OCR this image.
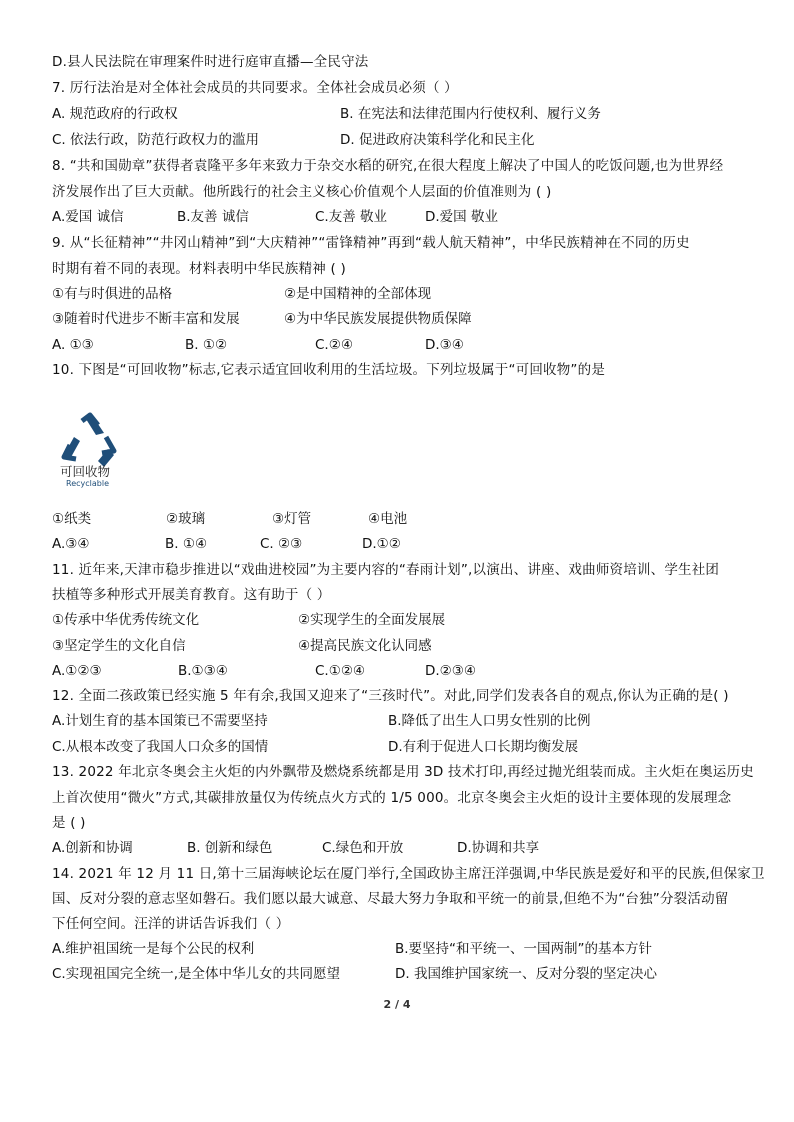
D.县人民法院在审理案件时进行庭审直播—全民守法
7. 厉行法治是对全体社会成员的共同要求。全体社会成员必须（ ）
A. 规范政府的行政权	B. 在宪法和法律范围内行使权利、履行义务
C. 依法行政，防范行政权力的滥用	D. 促进政府决策科学化和民主化
8. “共和国勋章”获得者袁隆平多年来致力于杂交水稻的研究,在很大程度上解决了中国人的吃饭问题,也为世界经
济发展作出了巨大贡献。他所践行的社会主义核心价值观个人层面的价值准则为 ( )
A.爱国 诚信	B.友善 诚信	C.友善 敬业	D.爱国 敬业
9. 从“长征精神”“井冈山精神”到“大庆精神”“雷锋精神”再到“载人航天精神”，中华民族精神在不同的历史
时期有着不同的表现。材料表明中华民族精神 ( )
①有与时俱进的品格	②是中国精神的全部体现
③随着时代进步不断丰富和发展	④为中华民族发展提供物质保障
A. ①③	B. ①②	C.②④	D.③④
10. 下图是“可回收物”标志,它表示适宜回收利用的生活垃圾。下列垃圾属于“可回收物”的是
可回收物
Recyclable
①纸类	②玻璃	③灯管	④电池
A.③④	B. ①④	C. ②③	D.①②
11. 近年来,天津市稳步推进以“戏曲进校园”为主要内容的“春雨计划”,以演出、讲座、戏曲师资培训、学生社团
扶植等多种形式开展美育教育。这有助于（ ）
①传承中华优秀传统文化	②实现学生的全面发展展
③坚定学生的文化自信	④提高民族文化认同感
A.①②③	B.①③④	C.①②④	D.②③④
12. 全面二孩政策已经实施 5 年有余,我国又迎来了“三孩时代”。对此,同学们发表各自的观点,你认为正确的是( )
A.计划生育的基本国策已不需要坚持	B.降低了出生人口男女性别的比例
C.从根本改变了我国人口众多的国情	D.有利于促进人口长期均衡发展
13. 2022 年北京冬奥会主火炬的内外飘带及燃烧系统都是用 3D 技术打印,再经过抛光组装而成。主火炬在奥运历史
上首次使用“微火”方式,其碳排放量仅为传统点火方式的 1/5 000。北京冬奥会主火炬的设计主要体现的发展理念
是 ( )
A.创新和协调	B. 创新和绿色	C.绿色和开放	D.协调和共享
14. 2021 年 12 月 11 日,第十三届海峡论坛在厦门举行,全国政协主席汪洋强调,中华民族是爱好和平的民族,但保家卫
国、反对分裂的意志坚如磐石。我们愿以最大诚意、尽最大努力争取和平统一的前景,但绝不为“台独”分裂活动留
下任何空间。汪洋的讲话告诉我们（ ）
A.维护祖国统一是每个公民的权利	B.要坚持“和平统一、一国两制”的基本方针
C.实现祖国完全统一,是全体中华儿女的共同愿望	D. 我国维护国家统一、反对分裂的坚定决心
2 / 4
